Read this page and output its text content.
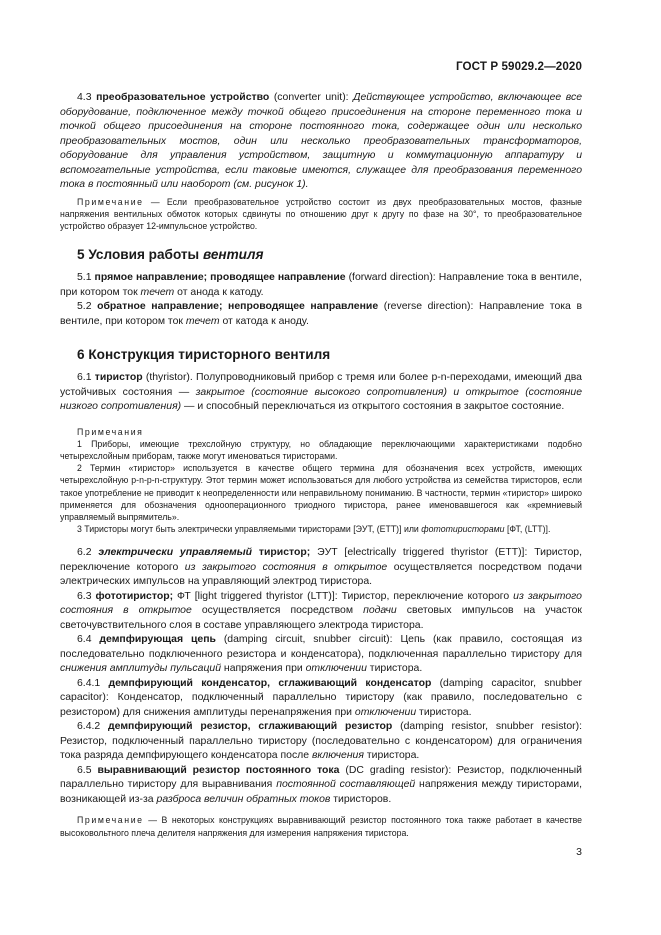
ГОСТ Р 59029.2—2020

4.3 преобразовательное устройство (converter unit): Действующее устройство, включающее все оборудование, подключенное между точкой общего присоединения на стороне переменного тока и точкой общего присоединения на стороне постоянного тока, содержащее один или несколько преобразовательных мостов, один или несколько преобразовательных трансформаторов, оборудование для управления устройством, защитную и коммутационную аппаратуру и вспомогательные устройства, если таковые имеются, служащее для преобразования переменного тока в постоянный или наоборот (см. рисунок 1).

Примечание — Если преобразовательное устройство состоит из двух преобразовательных мостов, фазные напряжения вентильных обмоток которых сдвинуты по отношению друг к другу по фазе на 30°, то преобразовательное устройство образует 12-импульсное устройство.

5 Условия работы вентиля

5.1 прямое направление; проводящее направление (forward direction): Направление тока в вентиле, при котором ток течет от анода к катоду.

5.2 обратное направление; непроводящее направление (reverse direction): Направление тока в вентиле, при котором ток течет от катода к аноду.

6 Конструкция тиристорного вентиля

6.1 тиристор (thyristor). Полупроводниковый прибор с тремя или более p-n-переходами, имеющий два устойчивых состояния — закрытое (состояние высокого сопротивления) и открытое (состояние низкого сопротивления) — и способный переключаться из открытого состояния в закрытое состояние.

Примечания

1 Приборы, имеющие трехслойную структуру, но обладающие переключающими характеристиками подобно четырехслойным приборам, также могут именоваться тиристорами.

2 Термин «тиристор» используется в качестве общего термина для обозначения всех устройств, имеющих четырехслойную p-n-p-n-структуру. Этот термин может использоваться для любого устройства из семейства тиристоров, если такое употребление не приводит к неопределенности или неправильному пониманию. В частности, термин «тиристор» широко применяется для обозначения однооперационного триодного тиристора, ранее именовавшегося как «кремниевый управляемый выпрямитель».

3 Тиристоры могут быть электрически управляемыми тиристорами [ЭУТ, (ETT)] или фототиристорами [ФТ, (LTT)].

6.2 электрически управляемый тиристор; ЭУТ [electrically triggered thyristor (ETT)]: Тиристор, переключение которого из закрытого состояния в открытое осуществляется посредством подачи электрических импульсов на управляющий электрод тиристора.

6.3 фототиристор; ФТ [light triggered thyristor (LTT)]: Тиристор, переключение которого из закрытого состояния в открытое осуществляется посредством подачи световых импульсов на участок светочувствительного слоя в составе управляющего электрода тиристора.

6.4 демпфирующая цепь (damping circuit, snubber circuit): Цепь (как правило, состоящая из последовательно подключенного резистора и конденсатора), подключенная параллельно тиристору для снижения амплитуды пульсаций напряжения при отключении тиристора.

6.4.1 демпфирующий конденсатор, сглаживающий конденсатор (damping capacitor, snubber capacitor): Конденсатор, подключенный параллельно тиристору (как правило, последовательно с резистором) для снижения амплитуды перенапряжения при отключении тиристора.

6.4.2 демпфирующий резистор, сглаживающий резистор (damping resistor, snubber resistor): Резистор, подключенный параллельно тиристору (последовательно с конденсатором) для ограничения тока разряда демпфирующего конденсатора после включения тиристора.

6.5 выравнивающий резистор постоянного тока (DC grading resistor): Резистор, подключенный параллельно тиристору для выравнивания постоянной составляющей напряжения между тиристорами, возникающей из-за разброса величин обратных токов тиристоров.

Примечание — В некоторых конструкциях выравнивающий резистор постоянного тока также работает в качестве высоковольтного плеча делителя напряжения для измерения напряжения тиристора.

3
